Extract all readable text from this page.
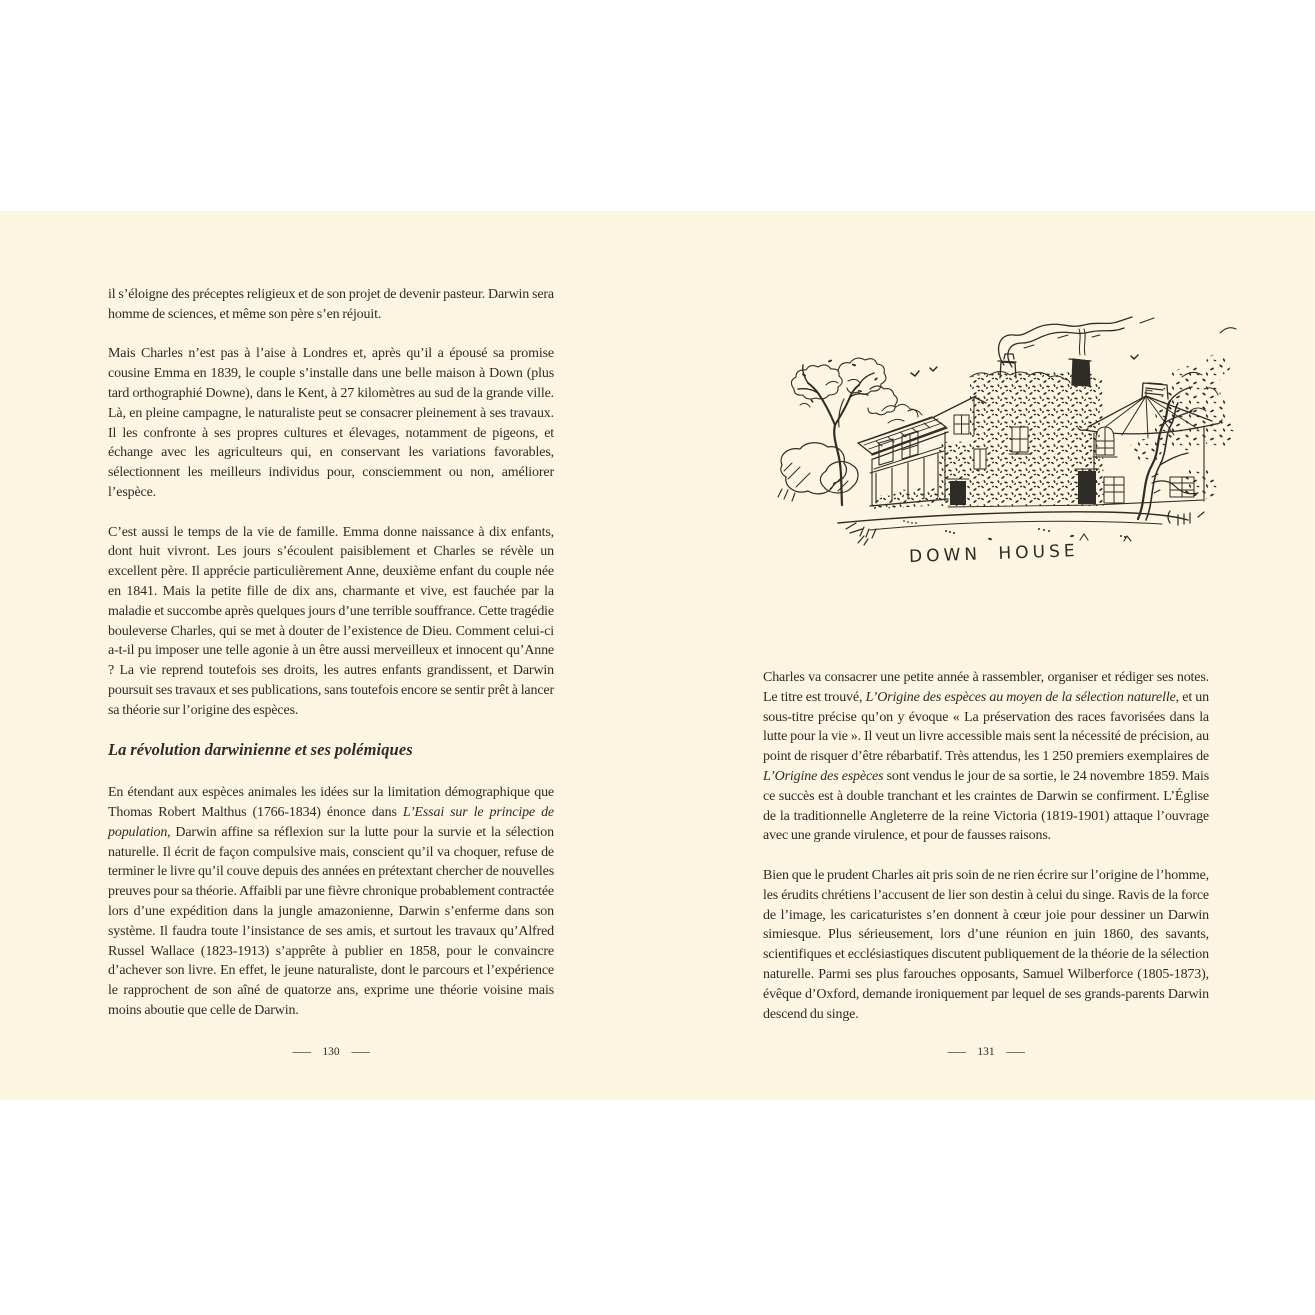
il s’éloigne des préceptes religieux et de son projet de devenir pasteur. Darwin sera homme de sciences, et même son père s’en réjouit.

Mais Charles n’est pas à l’aise à Londres et, après qu’il a épousé sa promise cousine Emma en 1839, le couple s’installe dans une belle maison à Down (plus tard orthographié Downe), dans le Kent, à 27 kilomètres au sud de la grande ville. Là, en pleine campagne, le naturaliste peut se consacrer pleinement à ses travaux. Il les confronte à ses propres cultures et élevages, notamment de pigeons, et échange avec les agriculteurs qui, en conservant les variations favorables, sélectionnent les meilleurs individus pour, consciemment ou non, améliorer l’espèce.

C’est aussi le temps de la vie de famille. Emma donne naissance à dix enfants, dont huit vivront. Les jours s’écoulent paisiblement et Charles se révèle un excellent père. Il apprécie particulièrement Anne, deuxième enfant du couple née en 1841. Mais la petite fille de dix ans, charmante et vive, est fauchée par la maladie et succombe après quelques jours d’une terrible souffrance. Cette tragédie bouleverse Charles, qui se met à douter de l’existence de Dieu. Comment celui-ci a-t-il pu imposer une telle agonie à un être aussi merveilleux et innocent qu’Anne ? La vie reprend toutefois ses droits, les autres enfants grandissent, et Darwin poursuit ses travaux et ses publications, sans toutefois encore se sentir prêt à lancer sa théorie sur l’origine des espèces.

La révolution darwinienne et ses polémiques

En étendant aux espèces animales les idées sur la limitation démographique que Thomas Robert Malthus (1766-1834) énonce dans L’Essai sur le principe de population, Darwin affine sa réflexion sur la lutte pour la survie et la sélection naturelle. Il écrit de façon compulsive mais, conscient qu’il va choquer, refuse de terminer le livre qu’il couve depuis des années en prétextant chercher de nouvelles preuves pour sa théorie. Affaibli par une fièvre chronique probablement contractée lors d’une expédition dans la jungle amazonienne, Darwin s’enferme dans son système. Il faudra toute l’insistance de ses amis, et surtout les travaux qu’Alfred Russel Wallace (1823-1913) s’apprête à publier en 1858, pour le convaincre d’achever son livre. En effet, le jeune naturaliste, dont le parcours et l’expérience le rapprochent de son aîné de quatorze ans, exprime une théorie voisine mais moins aboutie que celle de Darwin.

— 130 —
DOWN HOUSE

Charles va consacrer une petite année à rassembler, organiser et rédiger ses notes. Le titre est trouvé, L’Origine des espèces au moyen de la sélection naturelle, et un sous-titre précise qu’on y évoque « La préservation des races favorisées dans la lutte pour la vie ». Il veut un livre accessible mais sent la nécessité de précision, au point de risquer d’être rébarbatif. Très attendus, les 1 250 premiers exemplaires de L’Origine des espèces sont vendus le jour de sa sortie, le 24 novembre 1859. Mais ce succès est à double tranchant et les craintes de Darwin se confirment. L’Église de la traditionnelle Angleterre de la reine Victoria (1819-1901) attaque l’ouvrage avec une grande virulence, et pour de fausses raisons.

Bien que le prudent Charles ait pris soin de ne rien écrire sur l’origine de l’homme, les érudits chrétiens l’accusent de lier son destin à celui du singe. Ravis de la force de l’image, les caricaturistes s’en donnent à cœur joie pour dessiner un Darwin simiesque. Plus sérieusement, lors d’une réunion en juin 1860, des savants, scientifiques et ecclésiastiques discutent publiquement de la théorie de la sélection naturelle. Parmi ses plus farouches opposants, Samuel Wilberforce (1805-1873), évêque d’Oxford, demande ironiquement par lequel de ses grands-parents Darwin descend du singe.

— 131 —
